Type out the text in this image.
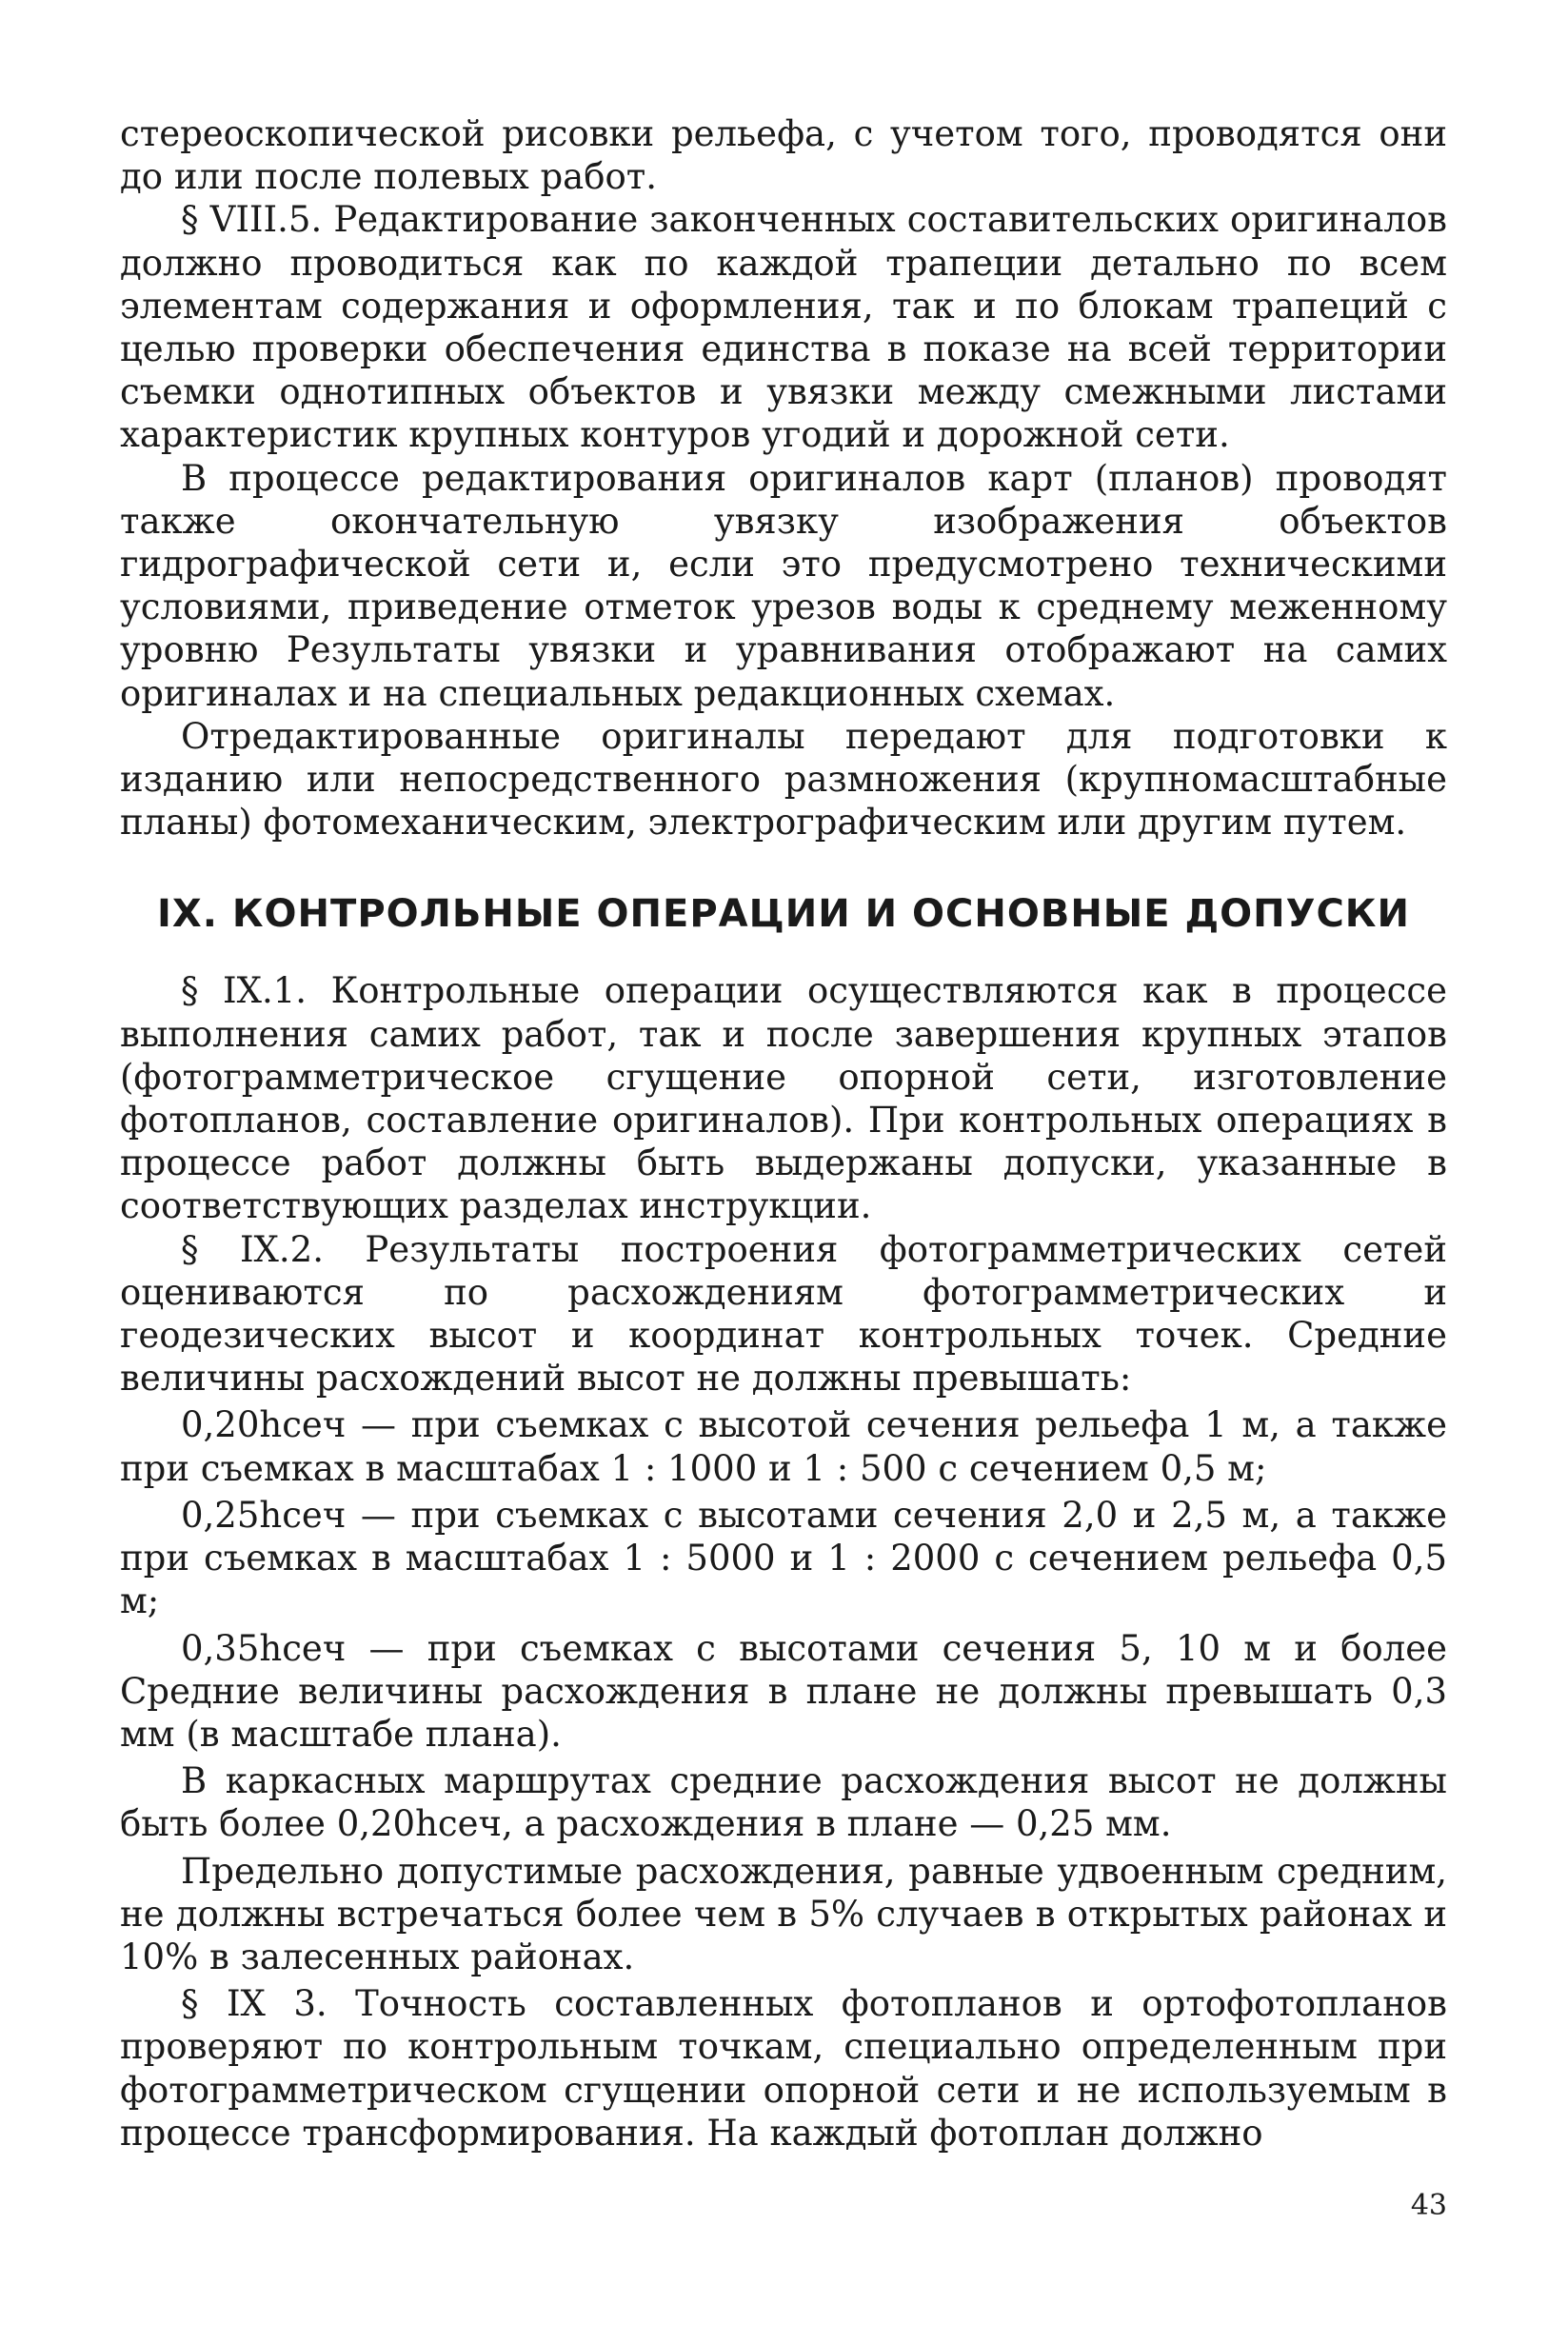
стереоскопической рисовки рельефа, с учетом того, проводятся они до или после полевых работ.

§ VIII.5. Редактирование законченных составительских оригиналов должно проводиться как по каждой трапеции детально по всем элементам содержания и оформления, так и по блокам трапеций с целью проверки обеспечения единства в показе на всей территории съемки однотипных объектов и увязки между смежными листами характеристик крупных контуров угодий и дорожной сети.

В процессе редактирования оригиналов карт (планов) проводят также окончательную увязку изображения объектов гидрографической сети и, если это предусмотрено техническими условиями, приведение отметок урезов воды к среднему меженному уровню Результаты увязки и уравнивания отображают на самих оригиналах и на специальных редакционных схемах.

Отредактированные оригиналы передают для подготовки к изданию или непосредственного размножения (крупномасштабные планы) фотомеханическим, электрографическим или другим путем.

IX. КОНТРОЛЬНЫЕ ОПЕРАЦИИ И ОСНОВНЫЕ ДОПУСКИ

§ IX.1. Контрольные операции осуществляются как в процессе выполнения самих работ, так и после завершения крупных этапов (фотограмметрическое сгущение опорной сети, изготовление фотопланов, составление оригиналов). При контрольных операциях в процессе работ должны быть выдержаны допуски, указанные в соответствующих разделах инструкции.

§ IX.2. Результаты построения фотограмметрических сетей оцениваются по расхождениям фотограмметрических и геодезических высот и координат контрольных точек. Средние величины расхождений высот не должны превышать:

0,20hсеч — при съемках с высотой сечения рельефа 1 м, а также при съемках в масштабах 1 : 1000 и 1 : 500 с сечением 0,5 м;

0,25hсеч — при съемках с высотами сечения 2,0 и 2,5 м, а также при съемках в масштабах 1 : 5000 и 1 : 2000 с сечением рельефа 0,5 м;

0,35hсеч — при съемках с высотами сечения 5, 10 м и более Средние величины расхождения в плане не должны превышать 0,3 мм (в масштабе плана).

В каркасных маршрутах средние расхождения высот не должны быть более 0,20hсеч, а расхождения в плане — 0,25 мм.

Предельно допустимые расхождения, равные удвоенным средним, не должны встречаться более чем в 5% случаев в открытых районах и 10% в залесенных районах.

§ IX 3. Точность составленных фотопланов и ортофотопланов проверяют по контрольным точкам, специально определенным при фотограмметрическом сгущении опорной сети и не используемым в процессе трансформирования. На каждый фотоплан должно

43
